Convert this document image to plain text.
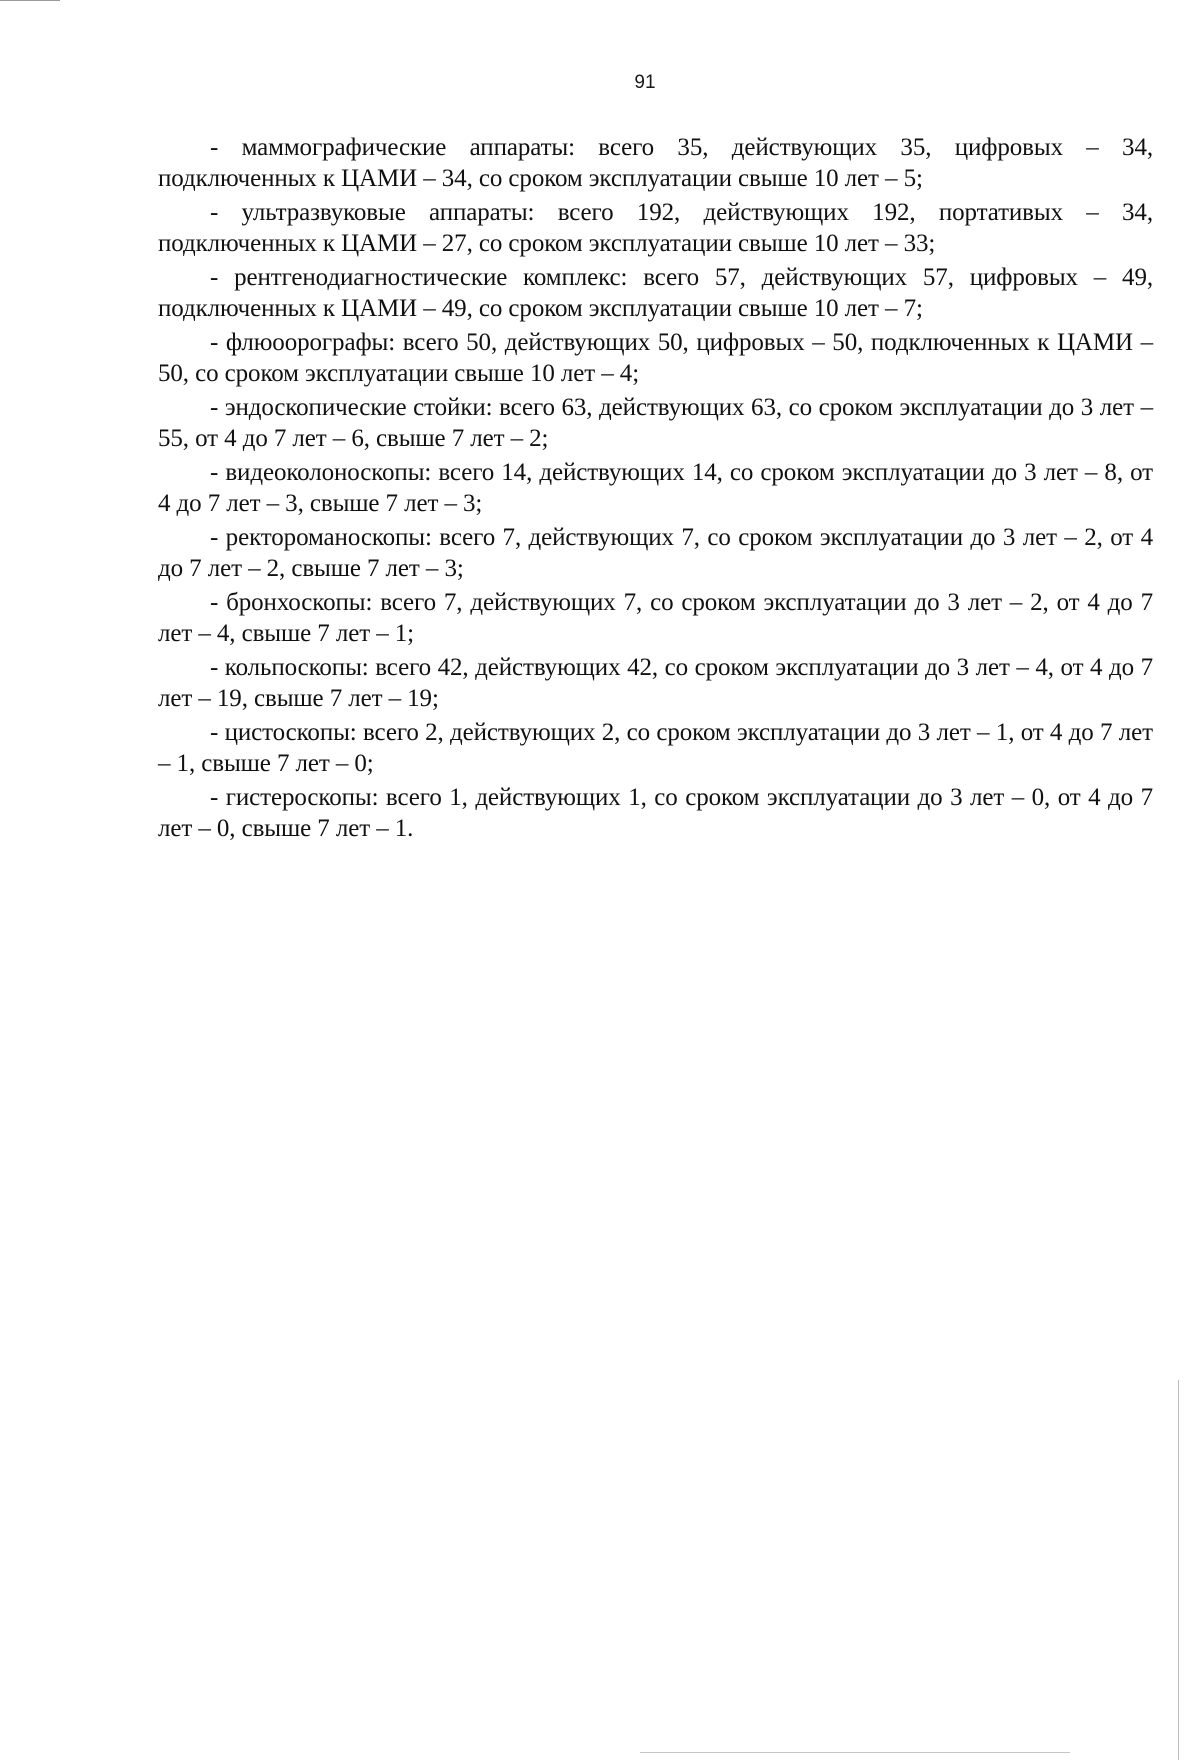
91

- маммографические аппараты: всего 35, действующих 35, цифровых – 34, подключенных к ЦАМИ – 34, со сроком эксплуатации свыше 10 лет – 5;

- ультразвуковые аппараты: всего 192, действующих 192, портативых – 34, подключенных к ЦАМИ – 27, со сроком эксплуатации свыше 10 лет – 33;

- рентгенодиагностические комплекс: всего 57, действующих 57, цифровых – 49, подключенных к ЦАМИ – 49, со сроком эксплуатации свыше 10 лет – 7;

- флюоорографы: всего 50, действующих 50, цифровых – 50, подключенных к ЦАМИ – 50, со сроком эксплуатации свыше 10 лет – 4;

- эндоскопические стойки: всего 63, действующих 63, со сроком эксплуатации до 3 лет – 55, от 4 до 7 лет – 6, свыше 7 лет – 2;

- видеоколоноскопы: всего 14, действующих 14, со сроком эксплуатации до 3 лет – 8, от 4 до 7 лет – 3, свыше 7 лет – 3;

- ректороманоскопы: всего 7, действующих 7, со сроком эксплуатации до 3 лет – 2, от 4 до 7 лет – 2, свыше 7 лет – 3;

- бронхоскопы: всего 7, действующих 7, со сроком эксплуатации до 3 лет – 2, от 4 до 7 лет – 4, свыше 7 лет – 1;

- кольпоскопы: всего 42, действующих 42, со сроком эксплуатации до 3 лет – 4, от 4 до 7 лет – 19, свыше 7 лет – 19;

- цистоскопы: всего 2, действующих 2, со сроком эксплуатации до 3 лет – 1, от 4 до 7 лет – 1, свыше 7 лет – 0;

- гистероскопы: всего 1, действующих 1, со сроком эксплуатации до 3 лет – 0, от 4 до 7 лет – 0, свыше 7 лет – 1.
